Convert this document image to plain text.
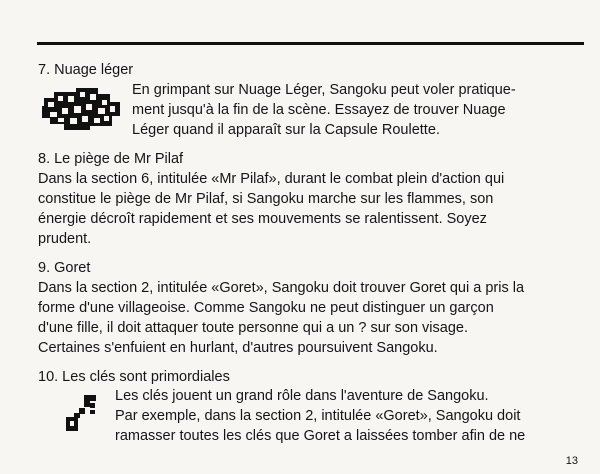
7. Nuage léger
En grimpant sur Nuage Léger, Sangoku peut voler pratique-
ment jusqu'à la fin de la scène. Essayez de trouver Nuage
Léger quand il apparaît sur la Capsule Roulette.
8. Le piège de Mr Pilaf
Dans la section 6, intitulée «Mr Pilaf», durant le combat plein d'action qui
constitue le piège de Mr Pilaf, si Sangoku marche sur les flammes, son
énergie décroît rapidement et ses mouvements se ralentissent. Soyez
prudent.
9. Goret
Dans la section 2, intitulée «Goret», Sangoku doit trouver Goret qui a pris la
forme d'une villageoise. Comme Sangoku ne peut distinguer un garçon
d'une fille, il doit attaquer toute personne qui a un ? sur son visage.
Certaines s'enfuient en hurlant, d'autres poursuivent Sangoku.
10. Les clés sont primordiales
Les clés jouent un grand rôle dans l'aventure de Sangoku.
Par exemple, dans la section 2, intitulée «Goret», Sangoku doit
ramasser toutes les clés que Goret a laissées tomber afin de ne
13
